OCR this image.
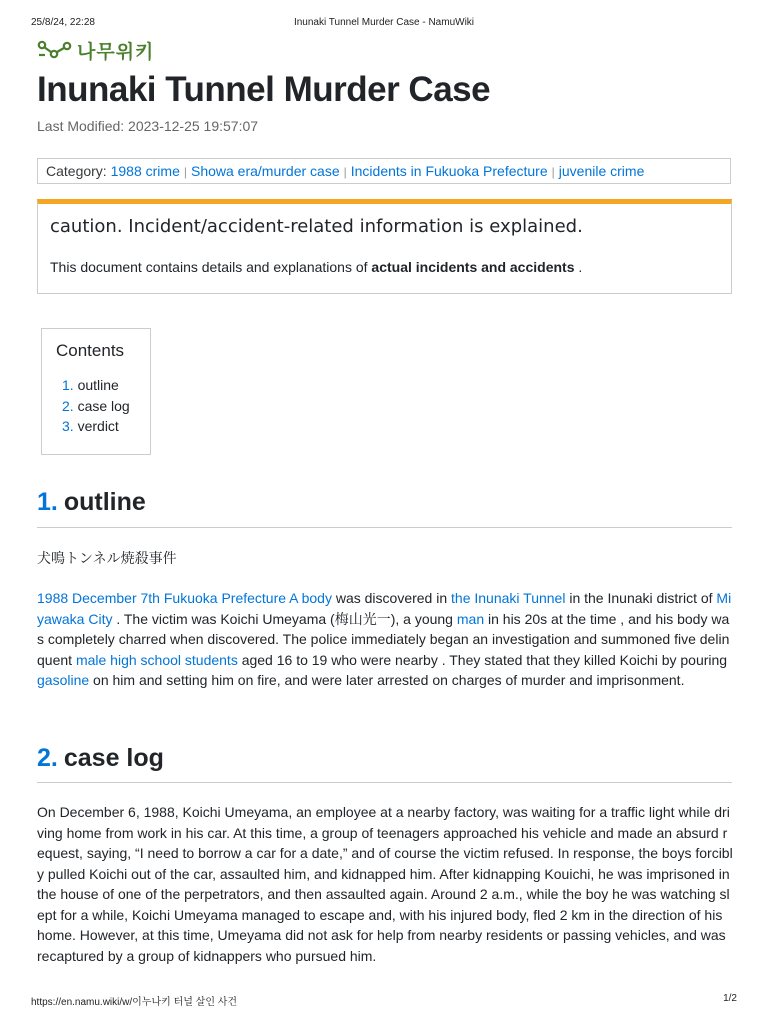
25/8/24, 22:28	Inunaki Tunnel Murder Case - NamuWiki
나무위키
Inunaki Tunnel Murder Case
Last Modified: 2023-12-25 19:57:07
Category: 1988 crime | Showa era/murder case | Incidents in Fukuoka Prefecture | juvenile crime
caution. Incident/accident-related information is explained.
This document contains details and explanations of actual incidents and accidents .
Contents
1. outline
2. case log
3. verdict
1. outline
犬鳴トンネル焼殺事件

1988 December 7th Fukuoka Prefecture A body was discovered in the Inunaki Tunnel in the Inunaki district of Miyawaka City . The victim was Koichi Umeyama (梅山光一), a young man in his 20s at the time , and his body was completely charred when discovered. The police immediately began an investigation and summoned five delinquent male high school students aged 16 to 19 who were nearby . They stated that they killed Koichi by pouring gasoline on him and setting him on fire, and were later arrested on charges of murder and imprisonment.

2. case log

On December 6, 1988, Koichi Umeyama, an employee at a nearby factory, was waiting for a traffic light while driving home from work in his car. At this time, a group of teenagers approached his vehicle and made an absurd request, saying, “I need to borrow a car for a date,” and of course the victim refused. In response, the boys forcibly pulled Koichi out of the car, assaulted him, and kidnapped him. After kidnapping Kouichi, he was imprisoned in the house of one of the perpetrators, and then assaulted again. Around 2 a.m., while the boy he was watching slept for a while, Koichi Umeyama managed to escape and, with his injured body, fled 2 km in the direction of his home. However, at this time, Umeyama did not ask for help from nearby residents or passing vehicles, and was recaptured by a group of kidnappers who pursued him.

https://en.namu.wiki/w/이누나키 터널 살인 사건	1/2
